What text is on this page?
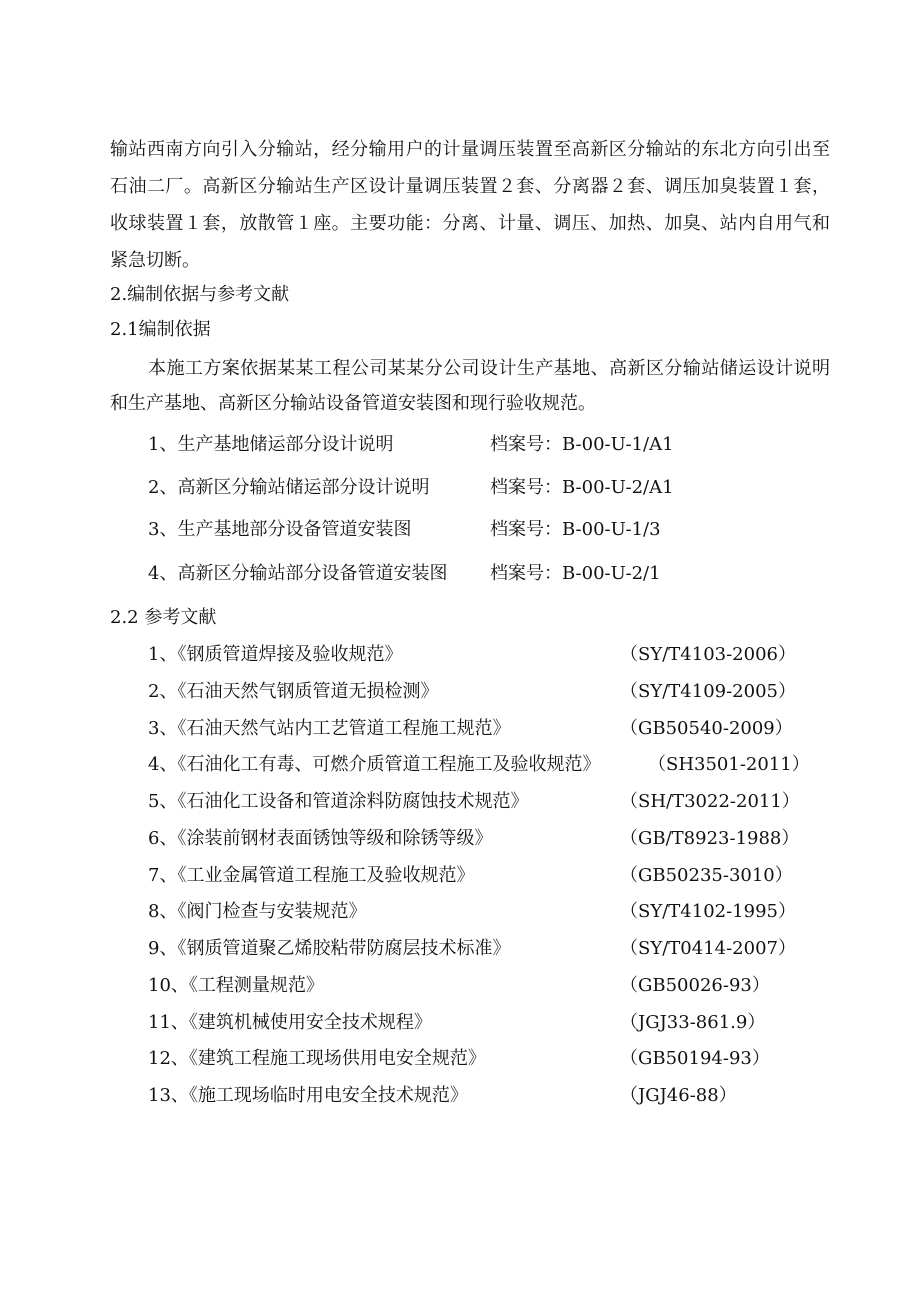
输站西南方向引入分输站，经分输用户的计量调压装置至高新区分输站的东北方向引出至
石油二厂。高新区分输站生产区设计量调压装置２套、分离器２套、调压加臭装置１套，
收球装置１套，放散管１座。主要功能：分离、计量、调压、加热、加臭、站内自用气和
紧急切断。
2.编制依据与参考文献
2.1编制依据
本施工方案依据某某工程公司某某分公司设计生产基地、高新区分输站储运设计说明
和生产基地、高新区分输站设备管道安装图和现行验收规范。
1、生产基地储运部分设计说明	档案号：B-00-U-1/A1
2、高新区分输站储运部分设计说明	档案号：B-00-U-2/A1
3、生产基地部分设备管道安装图	档案号：B-00-U-1/3
4、高新区分输站部分设备管道安装图 档案号：B-00-U-2/1
2.2 参考文献
1、《钢质管道焊接及验收规范》	（SY/T4103-2006）
2、《石油天然气钢质管道无损检测》	（SY/T4109-2005）
3、《石油天然气站内工艺管道工程施工规范》	（GB50540-2009）
4、《石油化工有毒、可燃介质管道工程施工及验收规范》	（SH3501-2011）
5、《石油化工设备和管道涂料防腐蚀技术规范》	（SH/T3022-2011）
6、《涂装前钢材表面锈蚀等级和除锈等级》	（GB/T8923-1988）
7、《工业金属管道工程施工及验收规范》	（GB50235-3010）
8、《阀门检查与安装规范》	（SY/T4102-1995）
9、《钢质管道聚乙烯胶粘带防腐层技术标准》	（SY/T0414-2007）
10、《工程测量规范》	（GB50026-93）
11、《建筑机械使用安全技术规程》	（JGJ33-861.9）
12、《建筑工程施工现场供用电安全规范》	（GB50194-93）
13、《施工现场临时用电安全技术规范》	（JGJ46-88）
